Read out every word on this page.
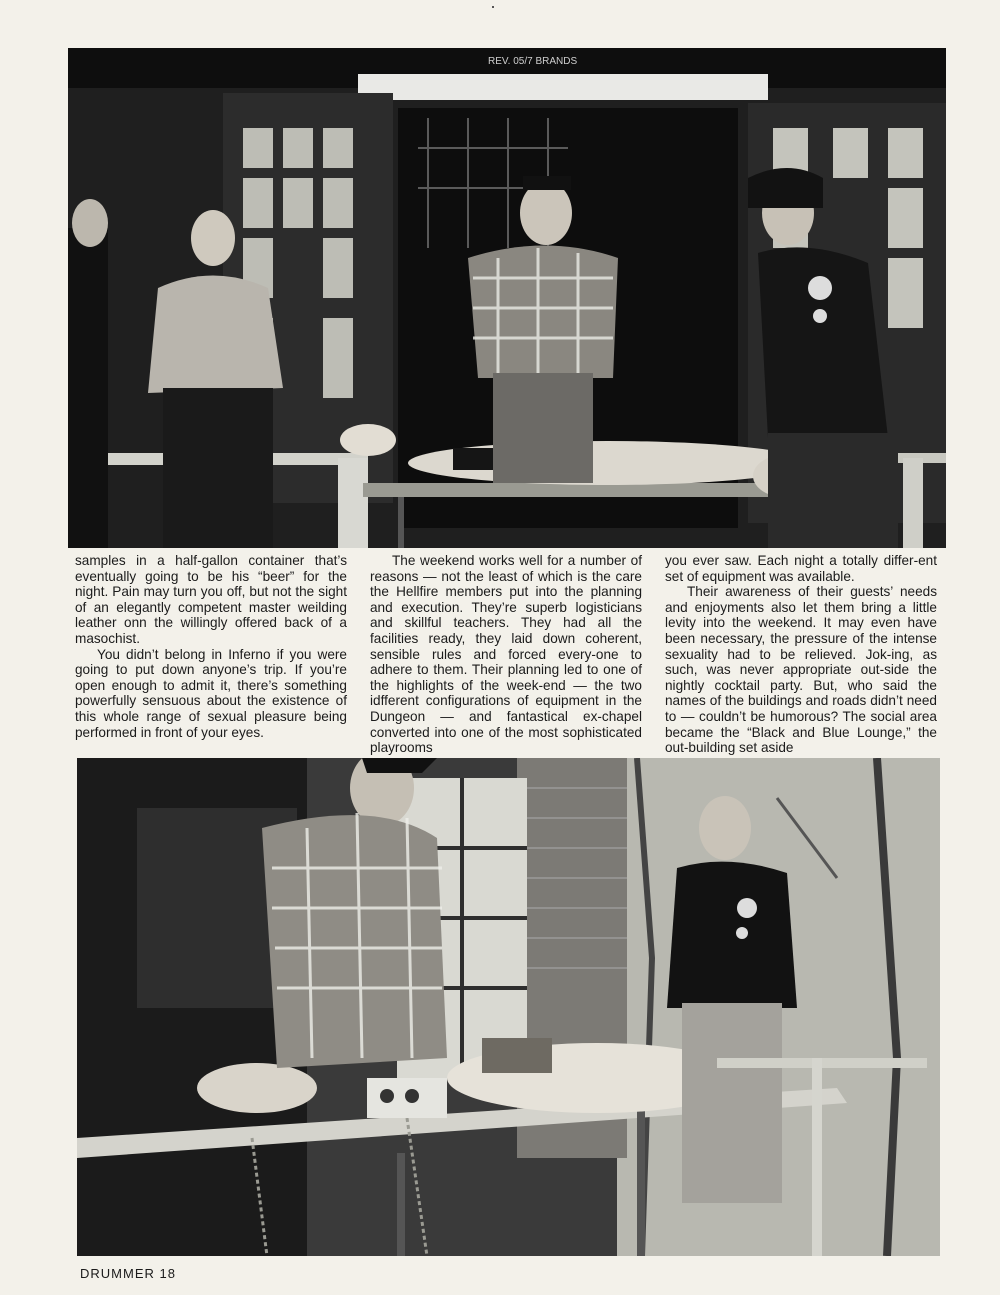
REV. 05/7 BRANDS

samples in a half-gallon container that’s eventually going to be his “beer” for the night. Pain may turn you off, but not the sight of an elegantly competent master weilding leather onn the willingly offered back of a masochist.

You didn’t belong in Inferno if you were going to put down anyone’s trip. If you’re open enough to admit it, there’s something powerfully sensuous about the existence of this whole range of sexual pleasure being performed in front of your eyes.

The weekend works well for a number of reasons — not the least of which is the care the Hellfire members put into the planning and execution. They’re superb logisticians and skillful teachers. They had all the facilities ready, they laid down coherent, sensible rules and forced every-one to adhere to them. Their planning led to one of the highlights of the week-end — the two idfferent configurations of equipment in the Dungeon — and fantastical ex-chapel converted into one of the most sophisticated playrooms

you ever saw. Each night a totally differ-ent set of equipment was available.

Their awareness of their guests’ needs and enjoyments also let them bring a little levity into the weekend. It may even have been necessary, the pressure of the intense sexuality had to be relieved. Jok-ing, as such, was never appropriate out-side the nightly cocktail party. But, who said the names of the buildings and roads didn’t need to — couldn’t be humorous? The social area became the “Black and Blue Lounge,” the out-building set aside

DRUMMER 18
